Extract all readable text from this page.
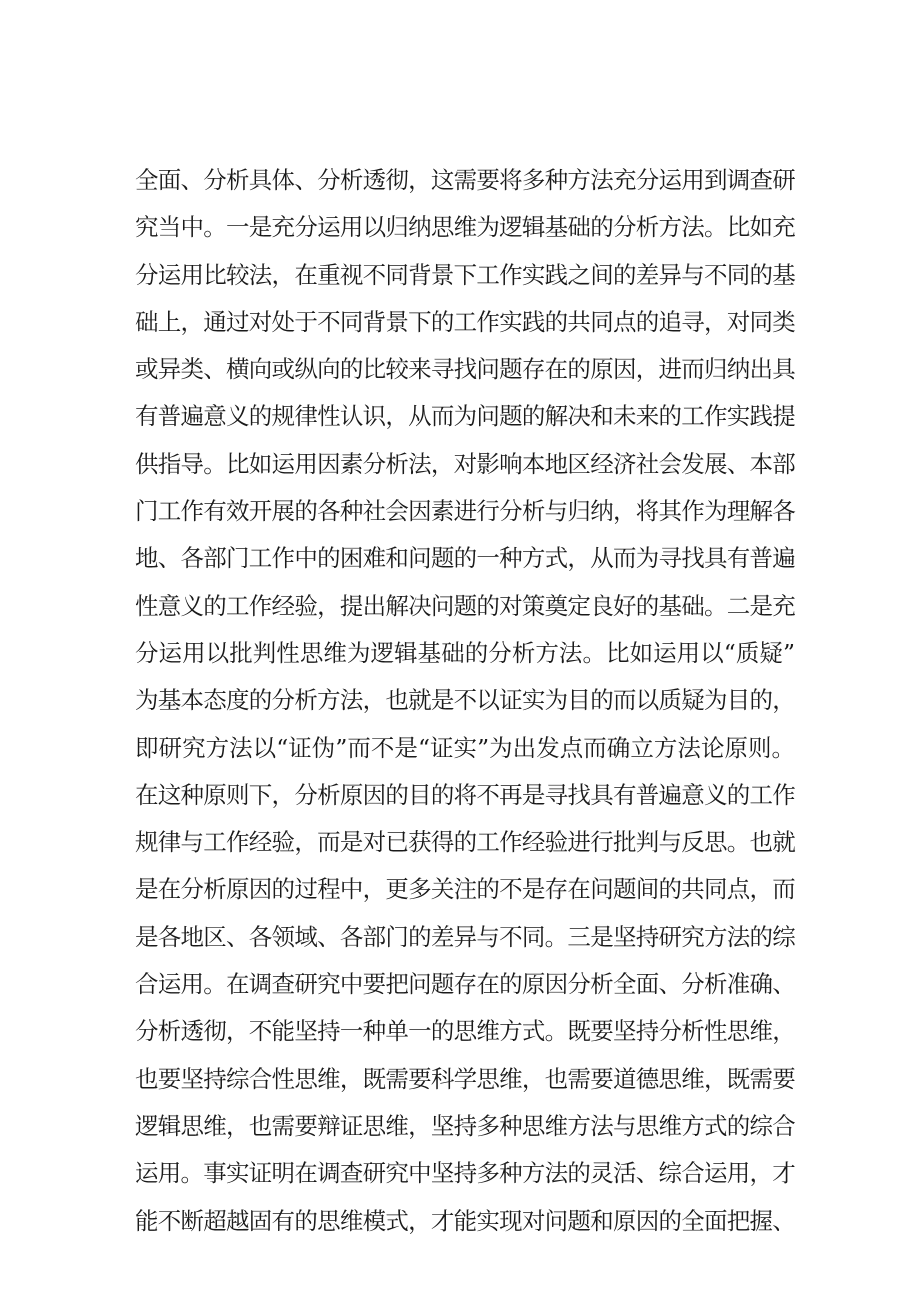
全面、分析具体、分析透彻，这需要将多种方法充分运用到调查研
究当中。一是充分运用以归纳思维为逻辑基础的分析方法。比如充
分运用比较法，在重视不同背景下工作实践之间的差异与不同的基
础上，通过对处于不同背景下的工作实践的共同点的追寻，对同类
或异类、横向或纵向的比较来寻找问题存在的原因，进而归纳出具
有普遍意义的规律性认识，从而为问题的解决和未来的工作实践提
供指导。比如运用因素分析法，对影响本地区经济社会发展、本部
门工作有效开展的各种社会因素进行分析与归纳，将其作为理解各
地、各部门工作中的困难和问题的一种方式，从而为寻找具有普遍
性意义的工作经验，提出解决问题的对策奠定良好的基础。二是充
分运用以批判性思维为逻辑基础的分析方法。比如运用以“质疑”
为基本态度的分析方法，也就是不以证实为目的而以质疑为目的，
即研究方法以“证伪”而不是“证实”为出发点而确立方法论原则。
在这种原则下，分析原因的目的将不再是寻找具有普遍意义的工作
规律与工作经验，而是对已获得的工作经验进行批判与反思。也就
是在分析原因的过程中，更多关注的不是存在问题间的共同点，而
是各地区、各领域、各部门的差异与不同。三是坚持研究方法的综
合运用。在调查研究中要把问题存在的原因分析全面、分析准确、
分析透彻，不能坚持一种单一的思维方式。既要坚持分析性思维，
也要坚持综合性思维，既需要科学思维，也需要道德思维，既需要
逻辑思维，也需要辩证思维，坚持多种思维方法与思维方式的综合
运用。事实证明在调查研究中坚持多种方法的灵活、综合运用，才
能不断超越固有的思维模式，才能实现对问题和原因的全面把握、
